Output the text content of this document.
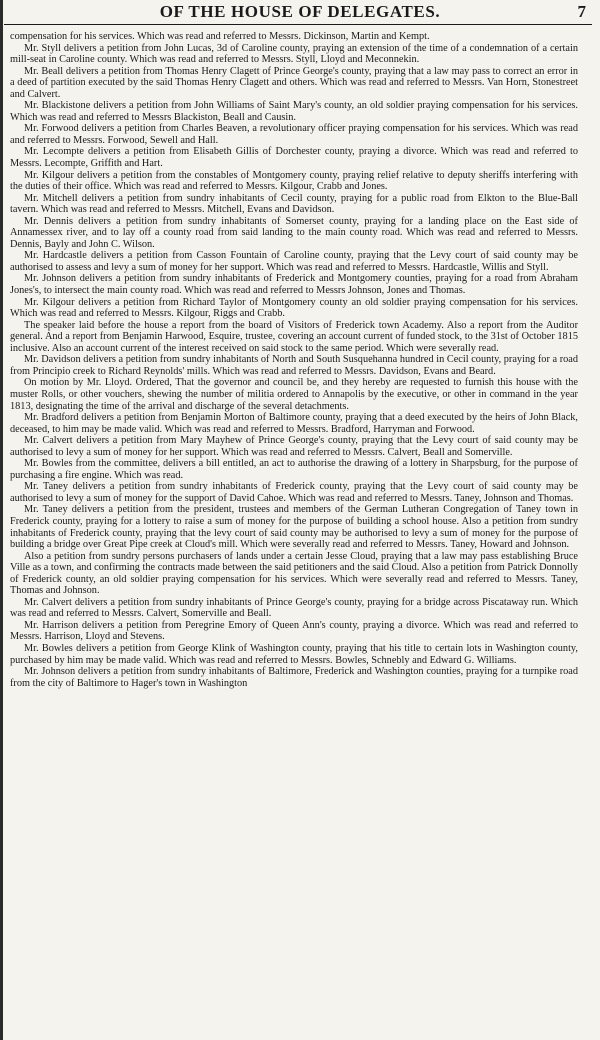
OF THE HOUSE OF DELEGATES.	7

compensation for his services. Which was read and referred to Messrs. Dickinson, Martin and Kempt.

Mr. Styll delivers a petition from John Lucas, 3d of Caroline county, praying an extension of the time of a condemnation of a certain mill-seat in Caroline county. Which was read and referred to Messrs. Styll, Lloyd and Meconnekin.

Mr. Beall delivers a petition from Thomas Henry Clagett of Prince George's county, praying that a law may pass to correct an error in a deed of partition executed by the said Thomas Henry Clagett and others. Which was read and referred to Messrs. Van Horn, Stonestreet and Calvert.

Mr. Blackistone delivers a petition from John Williams of Saint Mary's county, an old soldier praying compensation for his services. Which was read and referred to Messrs Blackiston, Beall and Causin.

Mr. Forwood delivers a petition from Charles Beaven, a revolutionary officer praying compensation for his services. Which was read and referred to Messrs. Forwood, Sewell and Hall.

Mr. Lecompte delivers a petition from Elisabeth Gillis of Dorchester county, praying a divorce. Which was read and referred to Messrs. Lecompte, Griffith and Hart.

Mr. Kilgour delivers a petition from the constables of Montgomery county, praying relief relative to deputy sheriffs interfering with the duties of their office. Which was read and referred to Messrs. Kilgour, Crabb and Jones.

Mr. Mitchell delivers a petition from sundry inhabitants of Cecil county, praying for a public road from Elkton to the Blue-Ball tavern. Which was read and referred to Messrs. Mitchell, Evans and Davidson.

Mr. Dennis delivers a petition from sundry inhabitants of Somerset county, praying for a landing place on the East side of Annamessex river, and to lay off a county road from said landing to the main county road. Which was read and referred to Messrs. Dennis, Bayly and John C. Wilson.

Mr. Hardcastle delivers a petition from Casson Fountain of Caroline county, praying that the Levy court of said county may be authorised to assess and levy a sum of money for her support. Which was read and referred to Messrs. Hardcastle, Willis and Styll.

Mr. Johnson delivers a petition from sundry inhabitants of Frederick and Montgomery counties, praying for a road from Abraham Jones's, to intersect the main county road. Which was read and referred to Messrs Johnson, Jones and Thomas.

Mr. Kilgour delivers a petition from Richard Taylor of Montgomery county an old soldier praying compensation for his services. Which was read and referred to Messrs. Kilgour, Riggs and Crabb.

The speaker laid before the house a report from the board of Visitors of Frederick town Academy. Also a report from the Auditor general. And a report from Benjamin Harwood, Esquire, trustee, covering an account current of funded stock, to the 31st of October 1815 inclusive. Also an account current of the interest received on said stock to the same period. Which were severally read.

Mr. Davidson delivers a petition from sundry inhabitants of North and South Susquehanna hundred in Cecil county, praying for a road from Principio creek to Richard Reynolds' mills. Which was read and referred to Messrs. Davidson, Evans and Beard.

On motion by Mr. Lloyd. Ordered, That the governor and council be, and they hereby are requested to furnish this house with the muster Rolls, or other vouchers, shewing the number of militia ordered to Annapolis by the executive, or other in command in the year 1813, designating the time of the arrival and discharge of the several detachments.

Mr. Bradford delivers a petition from Benjamin Morton of Baltimore county, praying that a deed executed by the heirs of John Black, deceased, to him may be made valid. Which was read and referred to Messrs. Bradford, Harryman and Forwood.

Mr. Calvert delivers a petition from Mary Mayhew of Prince George's county, praying that the Levy court of said county may be authorised to levy a sum of money for her support. Which was read and referred to Messrs. Calvert, Beall and Somerville.

Mr. Bowles from the committee, delivers a bill entitled, an act to authorise the drawing of a lottery in Sharpsburg, for the purpose of purchasing a fire engine. Which was read.

Mr. Taney delivers a petition from sundry inhabitants of Frederick county, praying that the Levy court of said county may be authorised to levy a sum of money for the support of David Cahoe. Which was read and referred to Messrs. Taney, Johnson and Thomas.

Mr. Taney delivers a petition from the president, trustees and members of the German Lutheran Congregation of Taney town in Frederick county, praying for a lottery to raise a sum of money for the purpose of building a school house. Also a petition from sundry inhabitants of Frederick county, praying that the levy court of said county may be authorised to levy a sum of money for the purpose of building a bridge over Great Pipe creek at Cloud's mill. Which were severally read and referred to Messrs. Taney, Howard and Johnson.

Also a petition from sundry persons purchasers of lands under a certain Jesse Cloud, praying that a law may pass establishing Bruce Ville as a town, and confirming the contracts made between the said petitioners and the said Cloud. Also a petition from Patrick Donnolly of Frederick county, an old soldier praying compensation for his services. Which were severally read and referred to Messrs. Taney, Thomas and Johnson.

Mr. Calvert delivers a petition from sundry inhabitants of Prince George's county, praying for a bridge across Piscataway run. Which was read and referred to Messrs. Calvert, Somerville and Beall.

Mr. Harrison delivers a petition from Peregrine Emory of Queen Ann's county, praying a divorce. Which was read and referred to Messrs. Harrison, Lloyd and Stevens.

Mr. Bowles delivers a petition from George Klink of Washington county, praying that his title to certain lots in Washington county, purchased by him may be made valid. Which was read and referred to Messrs. Bowles, Schnebly and Edward G. Williams.

Mr. Johnson delivers a petition from sundry inhabitants of Baltimore, Frederick and Washington counties, praying for a turnpike road from the city of Baltimore to Hager's town in Washington
